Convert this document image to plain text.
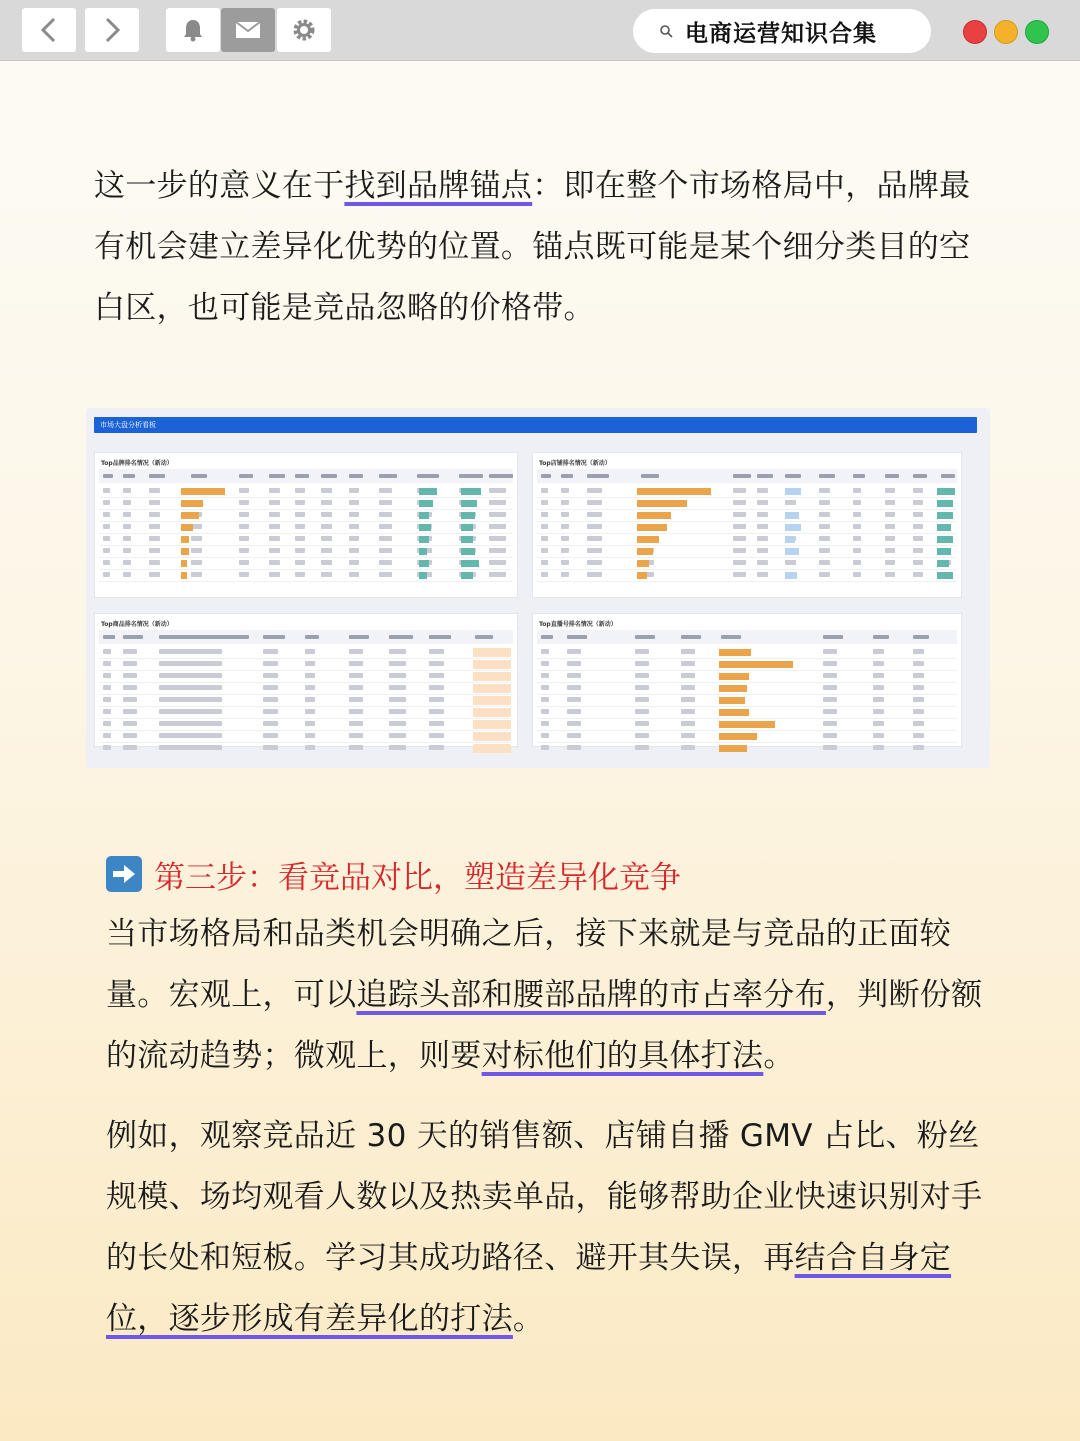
电商运营知识合集

这一步的意义在于找到品牌锚点：即在整个市场格局中，品牌最有机会建立差异化优势的位置。锚点既可能是某个细分类目的空白区，也可能是竞品忽略的价格带。

市场大盘分析看板
Top品牌排名情况（新动）	Top店铺排名情况（新动）
Top商品排名情况（新动）	Top直播号排名情况（新动）
第三步：看竞品对比，塑造差异化竞争

当市场格局和品类机会明确之后，接下来就是与竞品的正面较量。宏观上，可以追踪头部和腰部品牌的市占率分布，判断份额的流动趋势；微观上，则要对标他们的具体打法。

例如，观察竞品近 30 天的销售额、店铺自播 GMV 占比、粉丝规模、场均观看人数以及热卖单品，能够帮助企业快速识别对手的长处和短板。学习其成功路径、避开其失误，再结合自身定位，逐步形成有差异化的打法。
